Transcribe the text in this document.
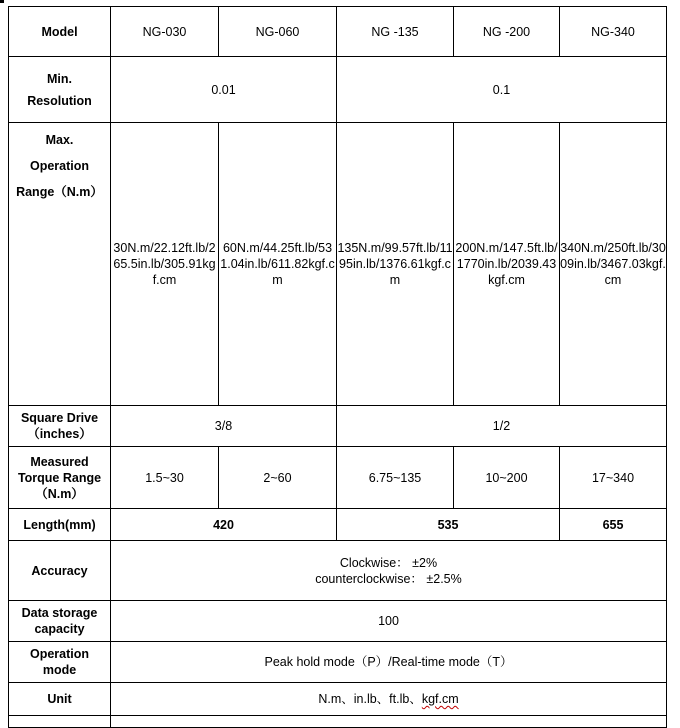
Model	NG-030	NG-060	NG -135	NG -200	NG-340

Min.
Resolution	0.01		0.1		

Max.
Operation
Range（N.m）	30N.m/22.12ft.lb/265.5in.lb/305.91kgf.cm	60N.m/44.25ft.lb/531.04in.lb/611.82kgf.cm	135N.m/99.57ft.lb/1195in.lb/1376.61kgf.cm	200N.m/147.5ft.lb/1770in.lb/2039.43kgf.cm	340N.m/250ft.lb/3009in.lb/3467.03kgf.cm

Square Drive
（inches）	3/8		1/2		

Measured
Torque Range
（N.m）	1.5~30	2~60	6.75~135	10~200	17~340
Length(mm)	420		535		655
Accuracy	Clockwise： ±2%
counterclockwise： ±2.5%				

Data storage
capacity	100				

Operation
mode	Peak hold mode（P）/Real-time mode（T）				
Unit	N.m、in.lb、ft.lb、kgf.cm				
